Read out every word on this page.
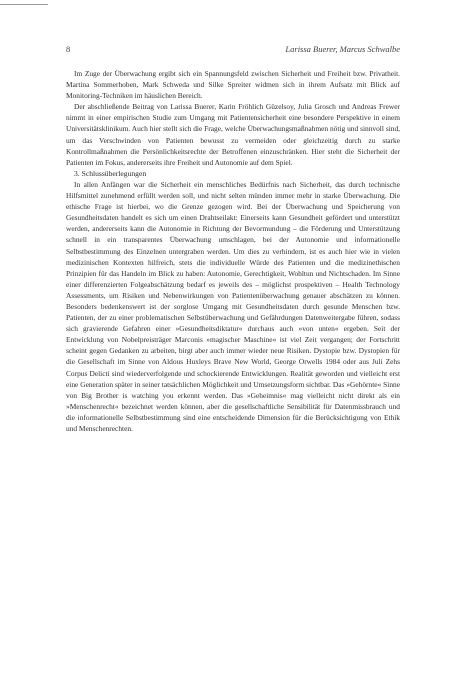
8	Larissa Buerer, Marcus Schwalbe

Im Zuge der Überwachung ergibt sich ein Spannungsfeld zwischen Sicherheit und Freiheit bzw. Privatheit. Martina Sommerhoben, Mark Schweda und Silke Spreiter widmen sich in ihrem Aufsatz mit Blick auf Monitoring-Techniken im häuslichen Bereich.

Der abschließende Beitrag von Larissa Buerer, Karin Fröhlich Güzelsoy, Julia Grosch und Andreas Frewer nimmt in einer empirischen Studie zum Umgang mit Patientensicherheit eine besondere Perspektive in einem Universitätsklinikum. Auch hier stellt sich die Frage, welche Überwachungsmaßnahmen nötig und sinnvoll sind, um das Verschwinden von Patienten bewusst zu vermeiden oder gleichzeitig durch zu starke Kontrollmaßnahmen die Persönlichkeitsrechte der Betroffenen einzuschränken. Hier steht die Sicherheit der Patienten im Fokus, andererseits ihre Freiheit und Autonomie auf dem Spiel.

3. Schlussüberlegungen

In allen Anfängen war die Sicherheit ein menschliches Bedürfnis nach Sicherheit, das durch technische Hilfsmittel zunehmend erfüllt werden soll, und nicht selten münden immer mehr in starke Überwachung. Die ethische Frage ist hierbei, wo die Grenze gezogen wird. Bei der Überwachung und Speicherung von Gesundheitsdaten handelt es sich um einen Drahtseilakt: Einerseits kann Gesundheit gefördert und unterstützt werden, andererseits kann die Autonomie in Richtung der Bevormundung – die Förderung und Unterstützung schnell in ein transparentes Überwachung umschlagen, bei der Autonomie und informationelle Selbstbestimmung des Einzelnen untergraben werden. Um dies zu verhindern, ist es auch hier wie in vielen medizinischen Kontexten hilfreich, stets die individuelle Würde des Patienten und die medizinethischen Prinzipien für das Handeln im Blick zu haben: Autonomie, Gerechtigkeit, Wohltun und Nichtschaden. Im Sinne einer differenzierten Folgeabschätzung bedarf es jeweils des – möglichst prospektiven – Health Technology Assessments, um Risiken und Nebenwirkungen von Patientenüberwachung genauer abschätzen zu können. Besonders bedenkenswert ist der sorglose Umgang mit Gesundheitsdaten durch gesunde Menschen bzw. Patienten, der zu einer problematischen Selbstüberwachung und Gefährdungen Datenweitergabe führen, sodass sich gravierende Gefahren einer »Gesundheitsdiktatur« durchaus auch »von unten« ergeben. Seit der Entwicklung von Nobelpreisträger Marconis »magischer Maschine« ist viel Zeit vergangen; der Fortschritt scheint gegen Gedanken zu arbeiten, birgt aber auch immer wieder neue Risiken. Dystopie bzw. Dystopien für die Gesellschaft im Sinne von Aldous Huxleys Brave New World, George Orwells 1984 oder aus Juli Zehs Corpus Delicti sind wiederverfolgende und schockierende Entwicklungen. Realität geworden und vielleicht erst eine Generation später in seiner tatsächlichen Möglichkeit und Umsetzungsform sichtbar. Das »Gehörnte« Sinne von Big Brother is watching you erkennt werden. Das »Geheimnis« mag vielleicht nicht direkt als ein »Menschenrecht« bezeichnet werden können, aber die gesellschaftliche Sensibilität für Datenmissbrauch und die informationelle Selbstbestimmung sind eine entscheidende Dimension für die Berücksichtigung von Ethik und Menschenrechten.
